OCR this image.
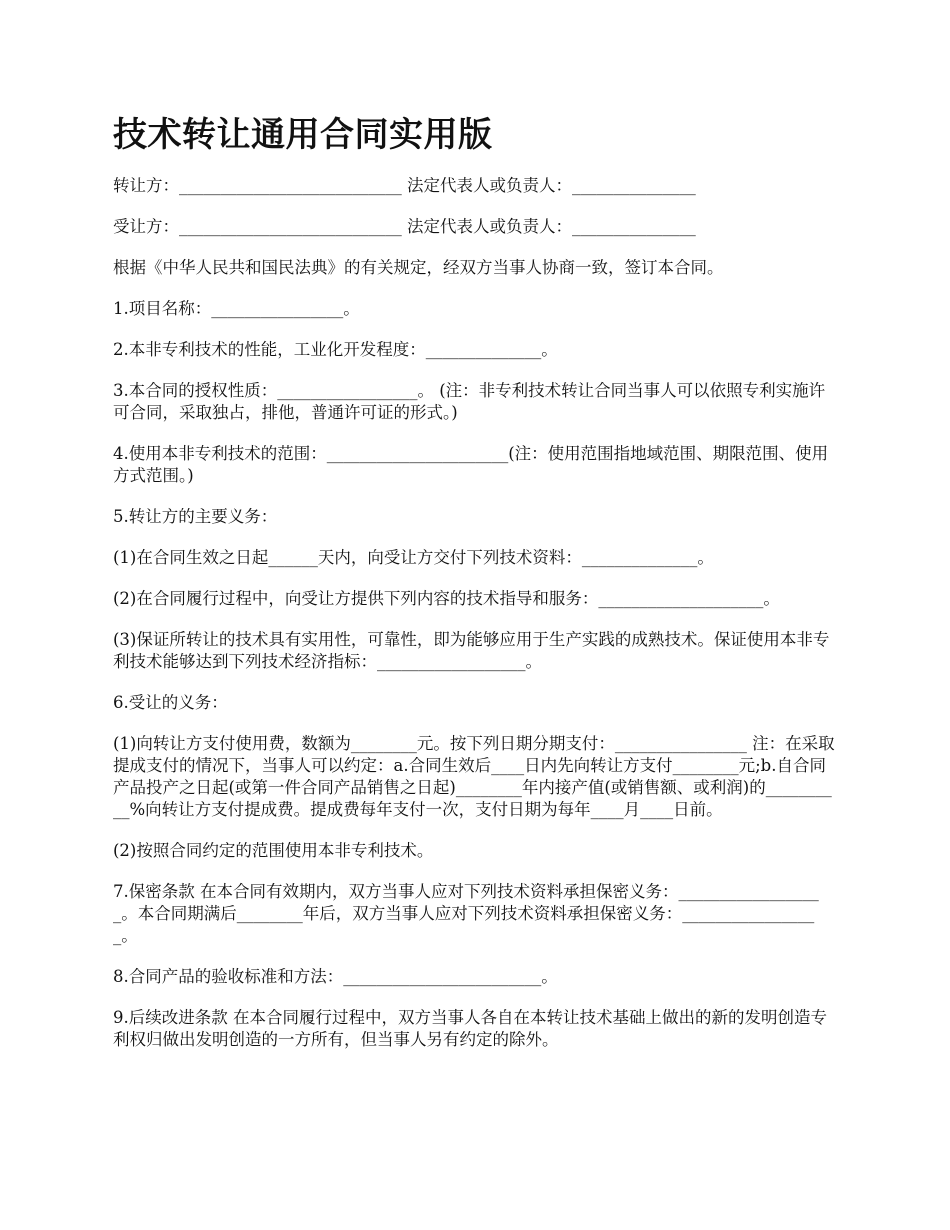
技术转让通用合同实用版

转让方：___________________________ 法定代表人或负责人：_______________

受让方：___________________________ 法定代表人或负责人：_______________

根据《中华人民共和国民法典》的有关规定，经双方当事人协商一致，签订本合同。

1.项目名称：________________。

2.本非专利技术的性能，工业化开发程度：______________。

3.本合同的授权性质：_________________。 (注：非专利技术转让合同当事人可以依照专利实施许可合同，采取独占，排他，普通许可证的形式。)

4.使用本非专利技术的范围：______________________(注：使用范围指地域范围、期限范围、使用方式范围。)

5.转让方的主要义务：

(1)在合同生效之日起______天内，向受让方交付下列技术资料：______________。

(2)在合同履行过程中，向受让方提供下列内容的技术指导和服务：____________________。

(3)保证所转让的技术具有实用性，可靠性，即为能够应用于生产实践的成熟技术。保证使用本非专利技术能够达到下列技术经济指标：__________________。

6.受让的义务：

(1)向转让方支付使用费，数额为________元。按下列日期分期支付：________________ 注：在采取提成支付的情况下，当事人可以约定：a.合同生效后____日内先向转让方支付________元;b.自合同产品投产之日起(或第一件合同产品销售之日起)________年内接产值(或销售额、或利润)的__________%向转让方支付提成费。提成费每年支付一次，支付日期为每年____月____日前。

(2)按照合同约定的范围使用本非专利技术。

7.保密条款 在本合同有效期内，双方当事人应对下列技术资料承担保密义务：__________________。本合同期满后________年后，双方当事人应对下列技术资料承担保密义务：_________________。

8.合同产品的验收标准和方法：________________________。

9.后续改进条款 在本合同履行过程中，双方当事人各自在本转让技术基础上做出的新的发明创造专利权归做出发明创造的一方所有，但当事人另有约定的除外。
